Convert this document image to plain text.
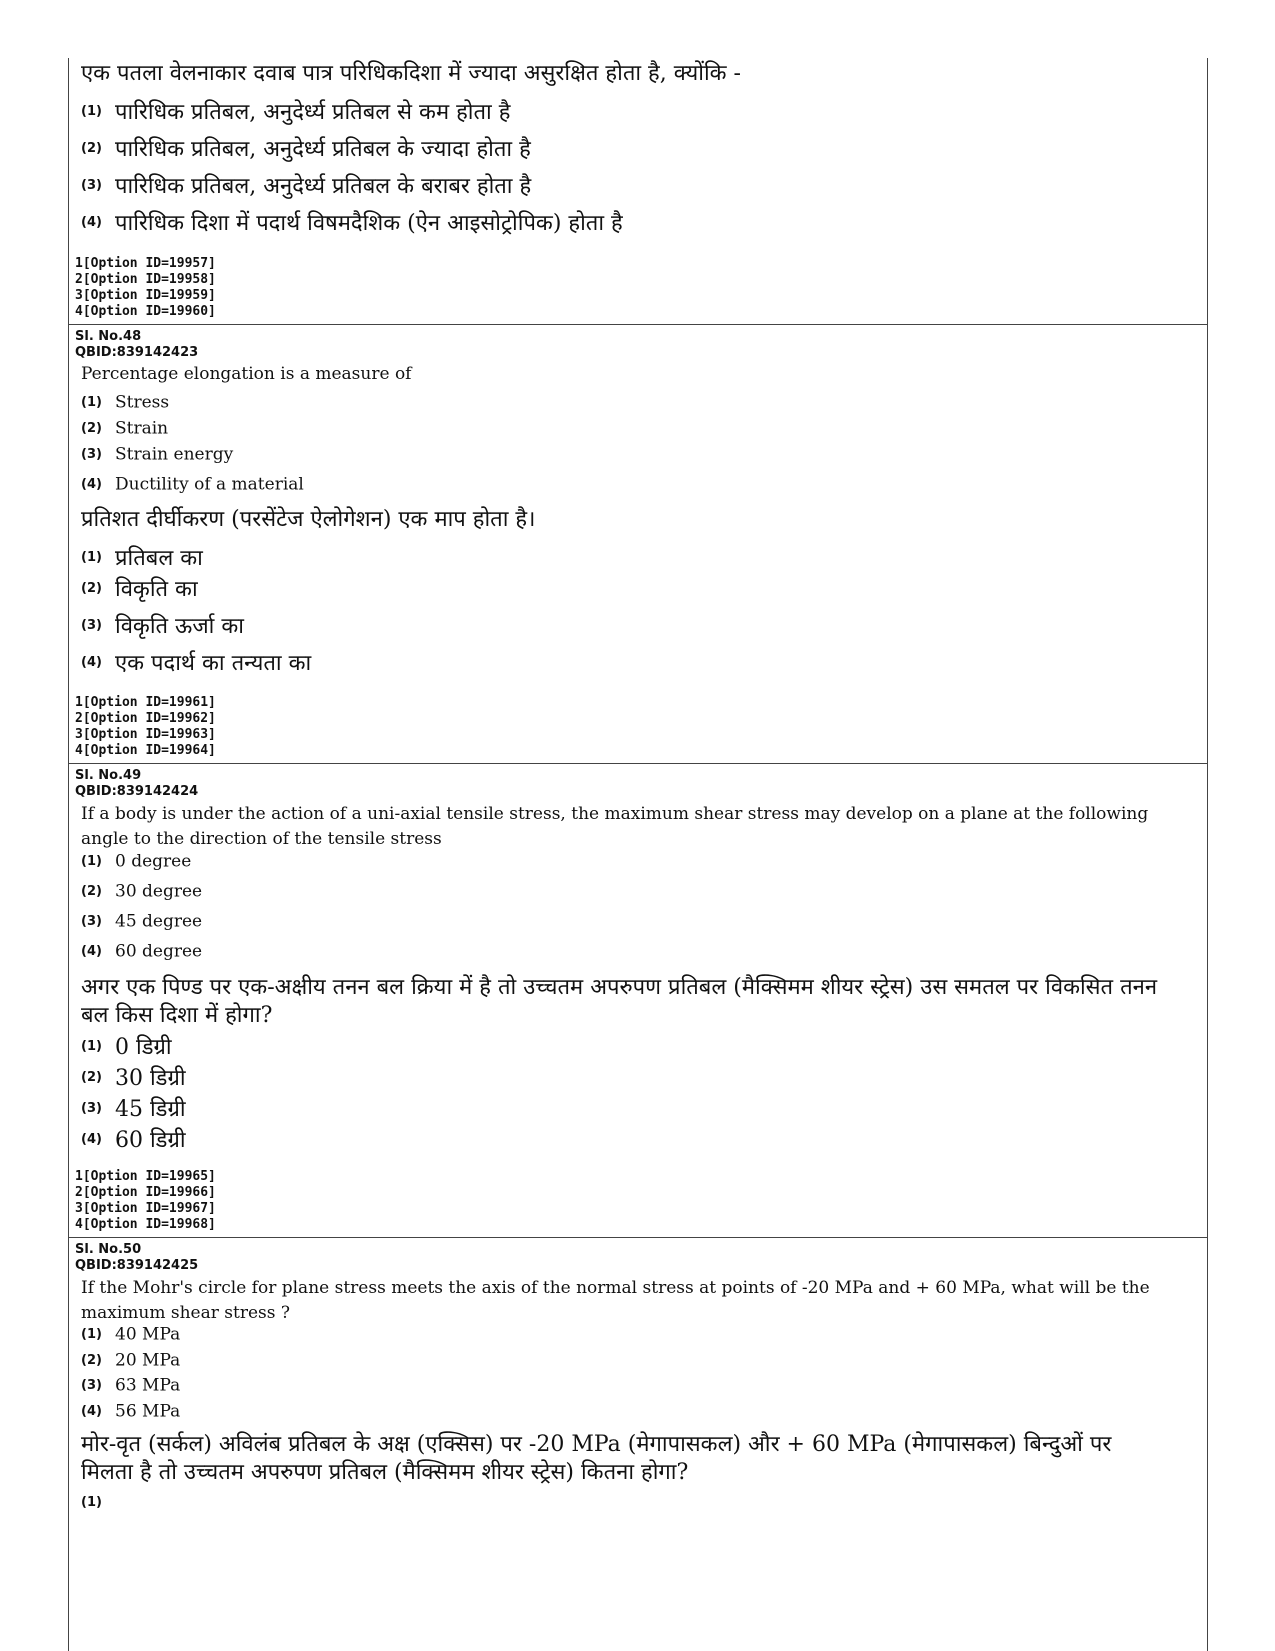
एक पतला वेलनाकार दवाब पात्र परिधिकदिशा में ज्यादा असुरक्षित होता है, क्योंकि -
(1) पारिधिक प्रतिबल, अनुदेर्ध्य प्रतिबल से कम होता है
(2) पारिधिक प्रतिबल, अनुदेर्ध्य प्रतिबल के ज्यादा होता है
(3) पारिधिक प्रतिबल, अनुदेर्ध्य प्रतिबल के बराबर होता है
(4) पारिधिक दिशा में पदार्थ विषमदैशिक (ऐन आइसोट्रोपिक) होता है
1[Option ID=19957]
2[Option ID=19958]
3[Option ID=19959]
4[Option ID=19960]
Sl. No.48
QBID:839142423
Percentage elongation is a measure of
(1) Stress
(2) Strain
(3) Strain energy
(4) Ductility of a material
प्रतिशत दीर्घीकरण (परसेंटेज ऐलोगेशन) एक माप होता है।
(1) प्रतिबल का
(2) विकृति का
(3) विकृति ऊर्जा का
(4) एक पदार्थ का तन्यता का
1[Option ID=19961]
2[Option ID=19962]
3[Option ID=19963]
4[Option ID=19964]
Sl. No.49
QBID:839142424
If a body is under the action of a uni-axial tensile stress, the maximum shear stress may develop on a plane at the following angle to the direction of the tensile stress
(1) 0 degree
(2) 30 degree
(3) 45 degree
(4) 60 degree
अगर एक पिण्ड पर एक-अक्षीय तनन बल क्रिया में है तो उच्चतम अपरुपण प्रतिबल (मैक्सिमम शीयर स्ट्रेस) उस समतल पर विकसित तनन बल किस दिशा में होगा?
(1) 0 डिग्री
(2) 30 डिग्री
(3) 45 डिग्री
(4) 60 डिग्री
1[Option ID=19965]
2[Option ID=19966]
3[Option ID=19967]
4[Option ID=19968]
Sl. No.50
QBID:839142425
If the Mohr's circle for plane stress meets the axis of the normal stress at points of -20 MPa and + 60 MPa, what will be the maximum shear stress ?
(1) 40 MPa
(2) 20 MPa
(3) 63 MPa
(4) 56 MPa
मोर-वृत (सर्कल) अविलंब प्रतिबल के अक्ष (एक्सिस) पर -20 MPa (मेगापासकल) और + 60 MPa (मेगापासकल) बिन्दुओं पर मिलता है तो उच्चतम अपरुपण प्रतिबल (मैक्सिमम शीयर स्ट्रेस) कितना होगा?
(1)
